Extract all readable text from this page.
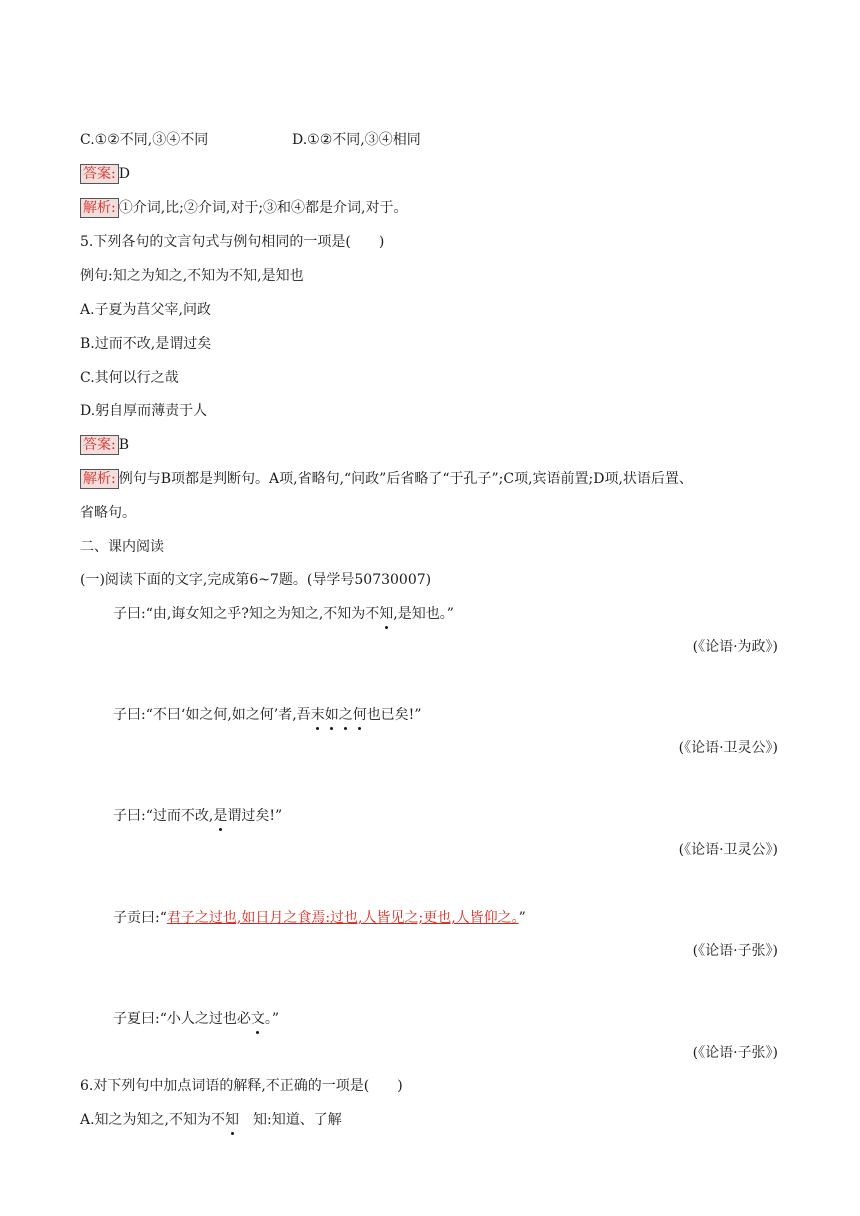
C.①②不同,③④不同	D.①②不同,③④相同
答案: D
解析: ①介词,比;②介词,对于;③和④都是介词,对于。
5.下列各句的文言句式与例句相同的一项是(　　)
例句:知之为知之,不知为不知,是知也
A.子夏为莒父宰,问政
B.过而不改,是谓过矣
C.其何以行之哉
D.躬自厚而薄责于人
答案: B
解析: 例句与B项都是判断句。A项,省略句,“问政”后省略了“于孔子”;C项,宾语前置;D项,状语后置、
省略句。
二、课内阅读
(一)阅读下面的文字,完成第6~7题。(导学号50730007)
子曰:“由,诲女知之乎?知之为知之,不知为不知,是知也。”
(《论语·为政》)
子曰:“不曰‘如之何,如之何’者,吾末如之何也已矣!”
(《论语·卫灵公》)
子曰:“过而不改,是谓过矣!”
(《论语·卫灵公》)
子贡曰:“君子之过也,如日月之食焉:过也,人皆见之;更也,人皆仰之。”
(《论语·子张》)
子夏曰:“小人之过也必文。”
(《论语·子张》)
6.对下列句中加点词语的解释,不正确的一项是(　　)
A.知之为知之,不知为不知　知:知道、了解
